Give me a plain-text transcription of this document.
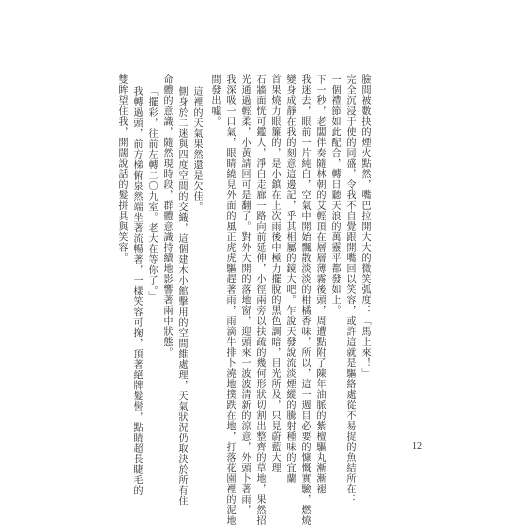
臉間被數抉的煙火點然，嘴巴拉開大大的微笑弧度：「馬上來！」
完全沉浸于使的同盛，令我不自覺跟開嘴回以笑容，或許這就是驅絡處從不易捉的魚結所在：
一個禮節如此配合，轉日聽天浪的萬靈平都發如上。
下一秒，老闆伴奏隨林朝的艾輕頂在層層薄霧後頭，周遭點附了陳年油脈的紫檀驅丸漸漸褪
我迷去，眼前一片純白，空氣中開始飄散淡淡的柑橘香味，所以，這一週目必要的慷慨實驗，燃燒
變身成靜在我的刻意這邊記，乎其相屬的鏡大吧。乍說天發說流淡煙縱的騰射種味的宜蘭
首果燒力眼簾的，是小鎮在上次雨後中極力擺脫的黑色調暗，目光所及，只見蔚藍大理
石牆面恍可鑑人，淨白走廊一路向前延伸，小徑兩旁以扶疏的幾何形狀切割出整齊的草地，果然招
光通過輕柔，小黃請回可是翻了。對外大開的落地窗，迎頭來一波波清新的涼意，外頭卜著雨，
我深吸一口氣，眼睛繞見外面的風正虎虎驅趕著雨，雨滴牛排卜澆地撲跌在地，打落花園裡的泥地
間發出噓。
這裡的天氣果然還是欠佳。
側身於二迷與四度空間的交織，這個建木小館擊用的空間維處理，天氣狀況仍取決於所有住
命體的意識，隨然現時段，群體意識持續地影響著兩中狀態。
「擺彩，往前左轉二〇九室。老大在等你了。」
我轉過頭，前方梯俯泉然端坐著流暢著，一樣笑容可掬，頂著絕牌髮髻，點睛超長睫毛的
雙眸望住我，開闊說話的髮拼具與笑容。
12
